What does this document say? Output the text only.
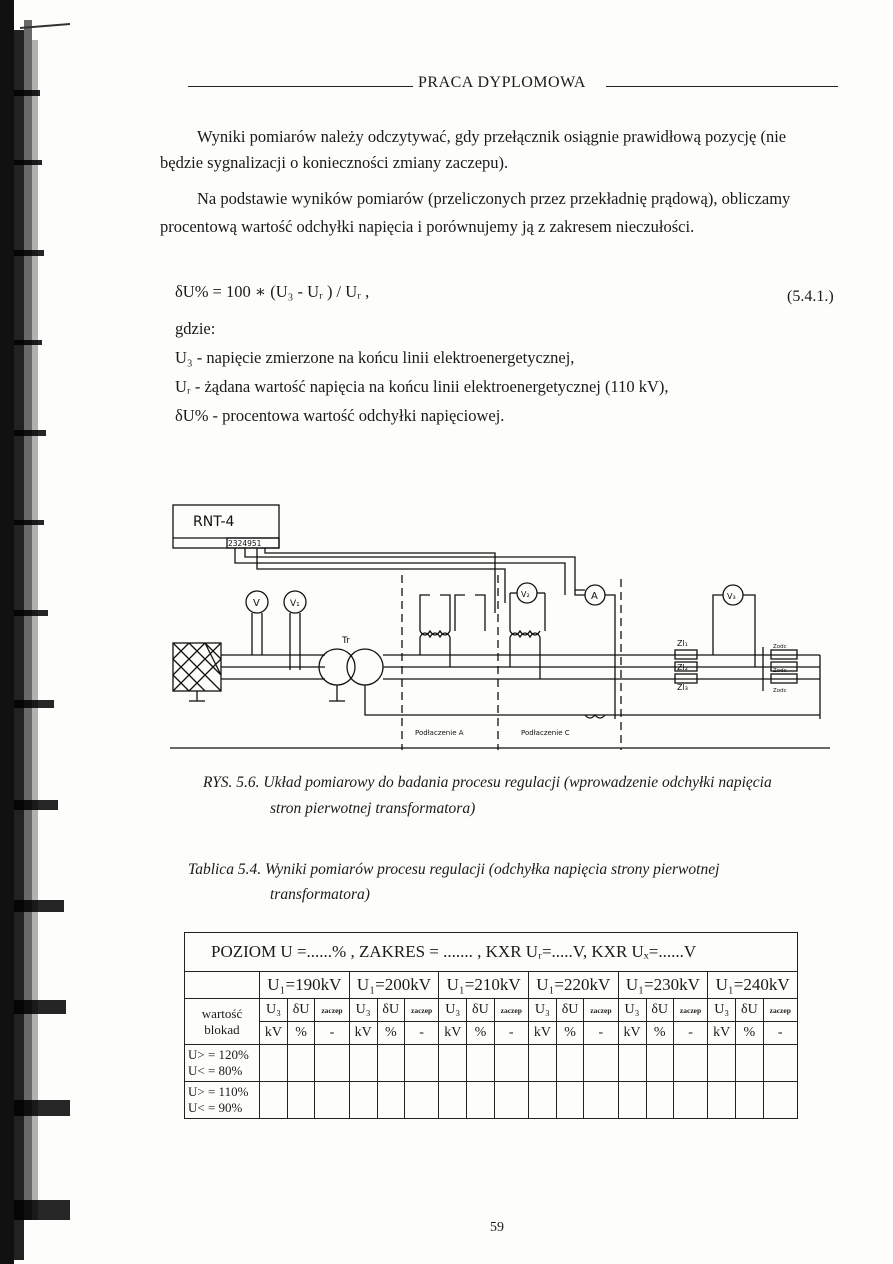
PRACA DYPLOMOWA
Wyniki pomiarów należy odczytywać, gdy przełącznik osiągnie prawidłową pozycję (nie
będzie sygnalizacji o konieczności zmiany zaczepu).
Na podstawie wyników pomiarów (przeliczonych przez przekładnię prądową), obliczamy
procentową wartość odchyłki napięcia i porównujemy ją z zakresem nieczułości.
δU% = 100 ∗ (U₃ - Uᵣ ) / Uᵣ ,	(5.4.1.)
gdzie:
U₃ - napięcie zmierzone na końcu linii elektroenergetycznej,
Uᵣ - żądana wartość napięcia na końcu linii elektroenergetycznej (110 kV),
δU% - procentowa wartość odchyłki napięciowej.
RNT-4
2324951
V	V₁
V₂	A	V₃
Tr	Zl₁
Zl₂
Zl₃
Zodc
Zodc
Zodc
Podłaczenie A	Podłaczenie C
RYS. 5.6. Układ pomiarowy do badania procesu regulacji (wprowadzenie odchyłki napięcia
stron pierwotnej transformatora)
Tablica 5.4. Wyniki pomiarów procesu regulacji (odchyłka napięcia strony pierwotnej
transformatora)
POZIOM U =......% , ZAKRES = ....... , KXR Uᵣ=.....V, KXR Uₓ=......V																		
	U₁=190kV			U₁=200kV			U₁=210kV			U₁=220kV			U₁=230kV			U₁=240kV		

wartość
blokad	U₃	δU	zaczep	U₃	δU	zaczep	U₃	δU	zaczep	U₃	δU	zaczep	U₃	δU	zaczep	U₃	δU	zaczep
	kV	%	-	kV	%	-	kV	%	-	kV	%	-	kV	%	-	kV	%	-

U> = 120%
U< = 80%																		

U> = 110%
U< = 90%																		

59
